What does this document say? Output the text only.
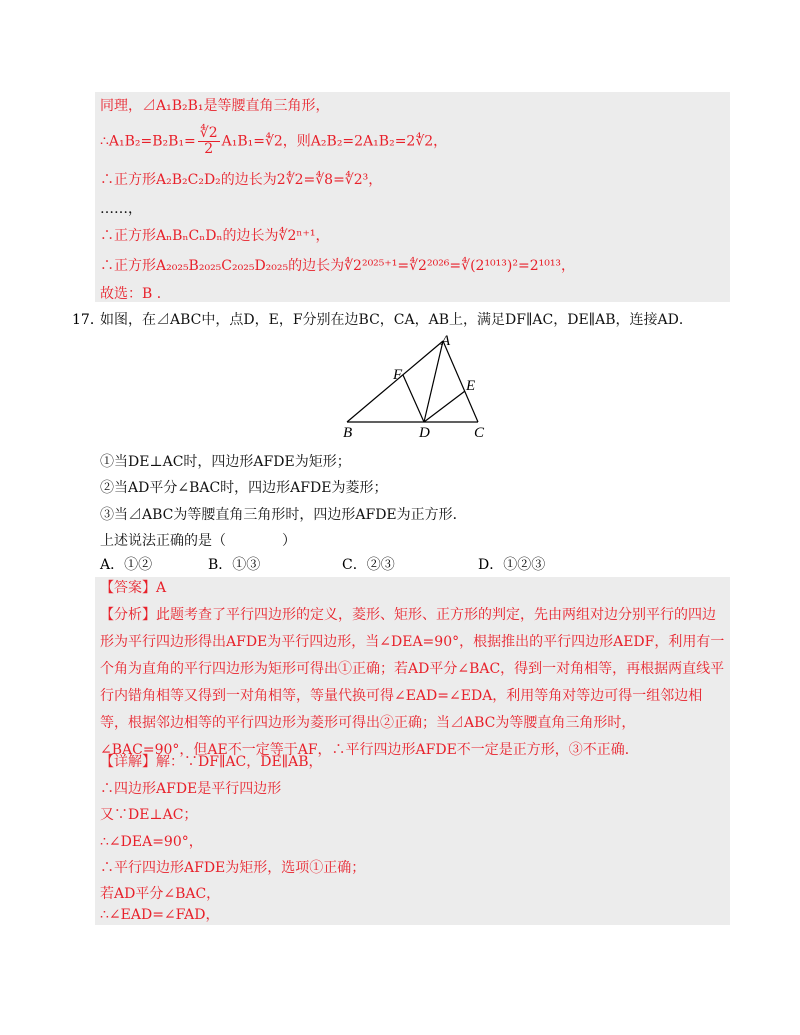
同理，⊿A₁B₂B₁是等腰直角三角形，
∴A₁B₂=B₂B₁= $\frac{∜2}{2}$ A₁B₁=∜2，则A₂B₂=2A₁B₂=2∜2，
∴正方形A₂B₂C₂D₂的边长为2∜2=∜8=∜2³，
……，
∴正方形AₙBₙCₙDₙ的边长为∜2ⁿ⁺¹，
∴正方形A₂₀₂₅B₂₀₂₅C₂₀₂₅D₂₀₂₅的边长为∜2²⁰²⁵⁺¹=∜2²⁰²⁶=∜(2¹⁰¹³)²=2¹⁰¹³，
故选：B ．
17．
如图，在⊿ABC中，点D，E，F分别在边BC，CA，AB上，满足DF∥AC，DE∥AB，连接AD．
A
B	C
D
E
F
①当DE⊥AC时，四边形AFDE为矩形；
②当AD平分∠BAC时，四边形AFDE为菱形；
③当⊿ABC为等腰直角三角形时，四边形AFDE为正方形．
上述说法正确的是（　　　　）
A．①②	B．①③	C．②③	D．①②③
【答案】A
【分析】此题考查了平行四边形的定义，菱形、矩形、正方形的判定，先由两组对边分别平行的四边形为平行四边形得出AFDE为平行四边形，当∠DEA=90°，根据推出的平行四边形AEDF，利用有一个角为直角的平行四边形为矩形可得出①正确；若AD平分∠BAC，得到一对角相等，再根据两直线平行内错角相等又得到一对角相等，等量代换可得∠EAD=∠EDA，利用等角对等边可得一组邻边相等，根据邻边相等的平行四边形为菱形可得出②正确；当⊿ABC为等腰直角三角形时，∠BAC=90°，但AE不一定等于AF，∴平行四边形AFDE不一定是正方形，③不正确．
【详解】解：∵DF∥AC，DE∥AB，
∴四边形AFDE是平行四边形
又∵DE⊥AC；
∴∠DEA=90°，
∴平行四边形AFDE为矩形，选项①正确；
若AD平分∠BAC，
∴∠EAD=∠FAD，
